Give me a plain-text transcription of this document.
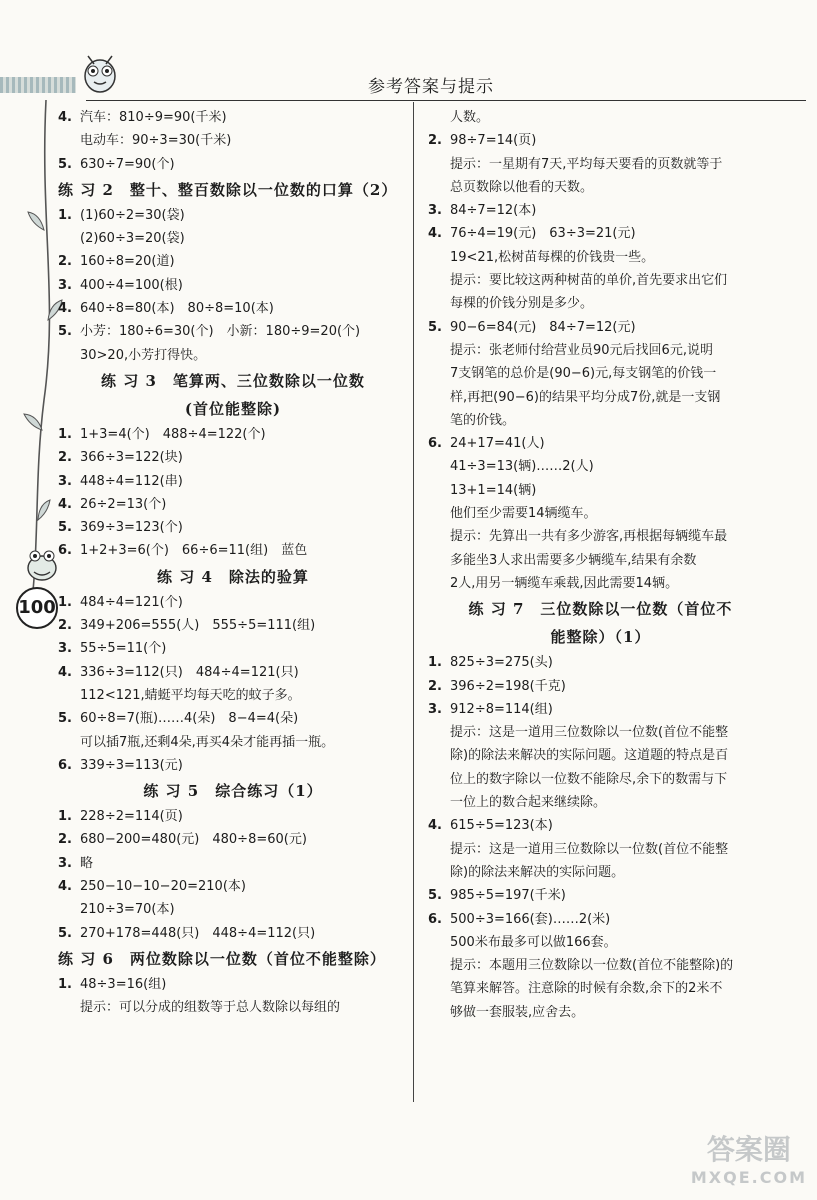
参考答案与提示
100
4. 汽车：810÷9=90(千米)
电动车：90÷3=30(千米)
5. 630÷7=90(个)
练 习 2　整十、整百数除以一位数的口算（2）
1. (1)60÷2=30(袋)
(2)60÷3=20(袋)
2. 160÷8=20(道)
3. 400÷4=100(根)
4. 640÷8=80(本)　80÷8=10(本)
5. 小芳：180÷6=30(个)　小新：180÷9=20(个)
30>20,小芳打得快。
练 习 3　笔算两、三位数除以一位数
(首位能整除)
1. 1+3=4(个)　488÷4=122(个)
2. 366÷3=122(块)
3. 448÷4=112(串)
4. 26÷2=13(个)
5. 369÷3=123(个)
6. 1+2+3=6(个)　66÷6=11(组)　蓝色
练 习 4　除法的验算
1. 484÷4=121(个)
2. 349+206=555(人)　555÷5=111(组)
3. 55÷5=11(个)
4. 336÷3=112(只)　484÷4=121(只)
112<121,蜻蜓平均每天吃的蚊子多。
5. 60÷8=7(瓶)……4(朵)　8−4=4(朵)
可以插7瓶,还剩4朵,再买4朵才能再插一瓶。
6. 339÷3=113(元)
练 习 5　综合练习（1）
1. 228÷2=114(页)
2. 680−200=480(元)　480÷8=60(元)
3. 略
4. 250−10−10−20=210(本)
210÷3=70(本)
5. 270+178=448(只)　448÷4=112(只)
练 习 6　两位数除以一位数（首位不能整除）
1. 48÷3=16(组)
提示：可以分成的组数等于总人数除以每组的
人数。
2. 98÷7=14(页)
提示：一星期有7天,平均每天要看的页数就等于
总页数除以他看的天数。
3. 84÷7=12(本)
4. 76÷4=19(元)　63÷3=21(元)
19<21,松树苗每棵的价钱贵一些。
提示：要比较这两种树苗的单价,首先要求出它们
每棵的价钱分别是多少。
5. 90−6=84(元)　84÷7=12(元)
提示：张老师付给营业员90元后找回6元,说明
7支钢笔的总价是(90−6)元,每支钢笔的价钱一
样,再把(90−6)的结果平均分成7份,就是一支钢
笔的价钱。
6. 24+17=41(人)
41÷3=13(辆)……2(人)
13+1=14(辆)
他们至少需要14辆缆车。
提示：先算出一共有多少游客,再根据每辆缆车最
多能坐3人求出需要多少辆缆车,结果有余数
2人,用另一辆缆车乘载,因此需要14辆。
练 习 7　三位数除以一位数（首位不
能整除）（1）
1. 825÷3=275(头)
2. 396÷2=198(千克)
3. 912÷8=114(组)
提示：这是一道用三位数除以一位数(首位不能整
除)的除法来解决的实际问题。这道题的特点是百
位上的数字除以一位数不能除尽,余下的数需与下
一位上的数合起来继续除。
4. 615÷5=123(本)
提示：这是一道用三位数除以一位数(首位不能整
除)的除法来解决的实际问题。
5. 985÷5=197(千米)
6. 500÷3=166(套)……2(米)
500米布最多可以做166套。
提示：本题用三位数除以一位数(首位不能整除)的
笔算来解答。注意除的时候有余数,余下的2米不
够做一套服装,应舍去。
答案圈
MXQE.COM
